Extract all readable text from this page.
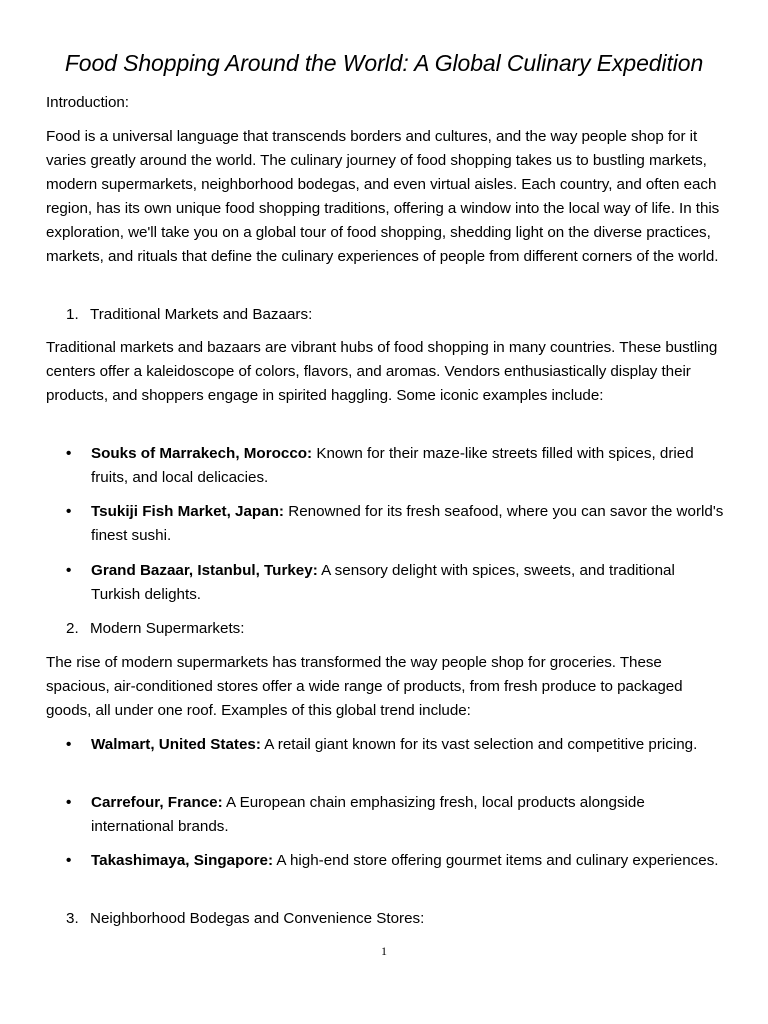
Food Shopping Around the World: A Global Culinary Expedition

Introduction:

Food is a universal language that transcends borders and cultures, and the way people shop for it varies greatly around the world. The culinary journey of food shopping takes us to bustling markets, modern supermarkets, neighborhood bodegas, and even virtual aisles. Each country, and often each region, has its own unique food shopping traditions, offering a window into the local way of life. In this exploration, we'll take you on a global tour of food shopping, shedding light on the diverse practices, markets, and rituals that define the culinary experiences of people from different corners of the world.

1. Traditional Markets and Bazaars:

Traditional markets and bazaars are vibrant hubs of food shopping in many countries. These bustling centers offer a kaleidoscope of colors, flavors, and aromas. Vendors enthusiastically display their products, and shoppers engage in spirited haggling. Some iconic examples include:

•	Souks of Marrakech, Morocco: Known for their maze-like streets filled with spices, dried fruits, and local delicacies.
•	Tsukiji Fish Market, Japan: Renowned for its fresh seafood, where you can savor the world's finest sushi.
•	Grand Bazaar, Istanbul, Turkey: A sensory delight with spices, sweets, and traditional Turkish delights.

2. Modern Supermarkets:

The rise of modern supermarkets has transformed the way people shop for groceries. These spacious, air-conditioned stores offer a wide range of products, from fresh produce to packaged goods, all under one roof. Examples of this global trend include:

•	Walmart, United States: A retail giant known for its vast selection and competitive pricing.
•	Carrefour, France: A European chain emphasizing fresh, local products alongside international brands.
•	Takashimaya, Singapore: A high-end store offering gourmet items and culinary experiences.

3. Neighborhood Bodegas and Convenience Stores:

1
